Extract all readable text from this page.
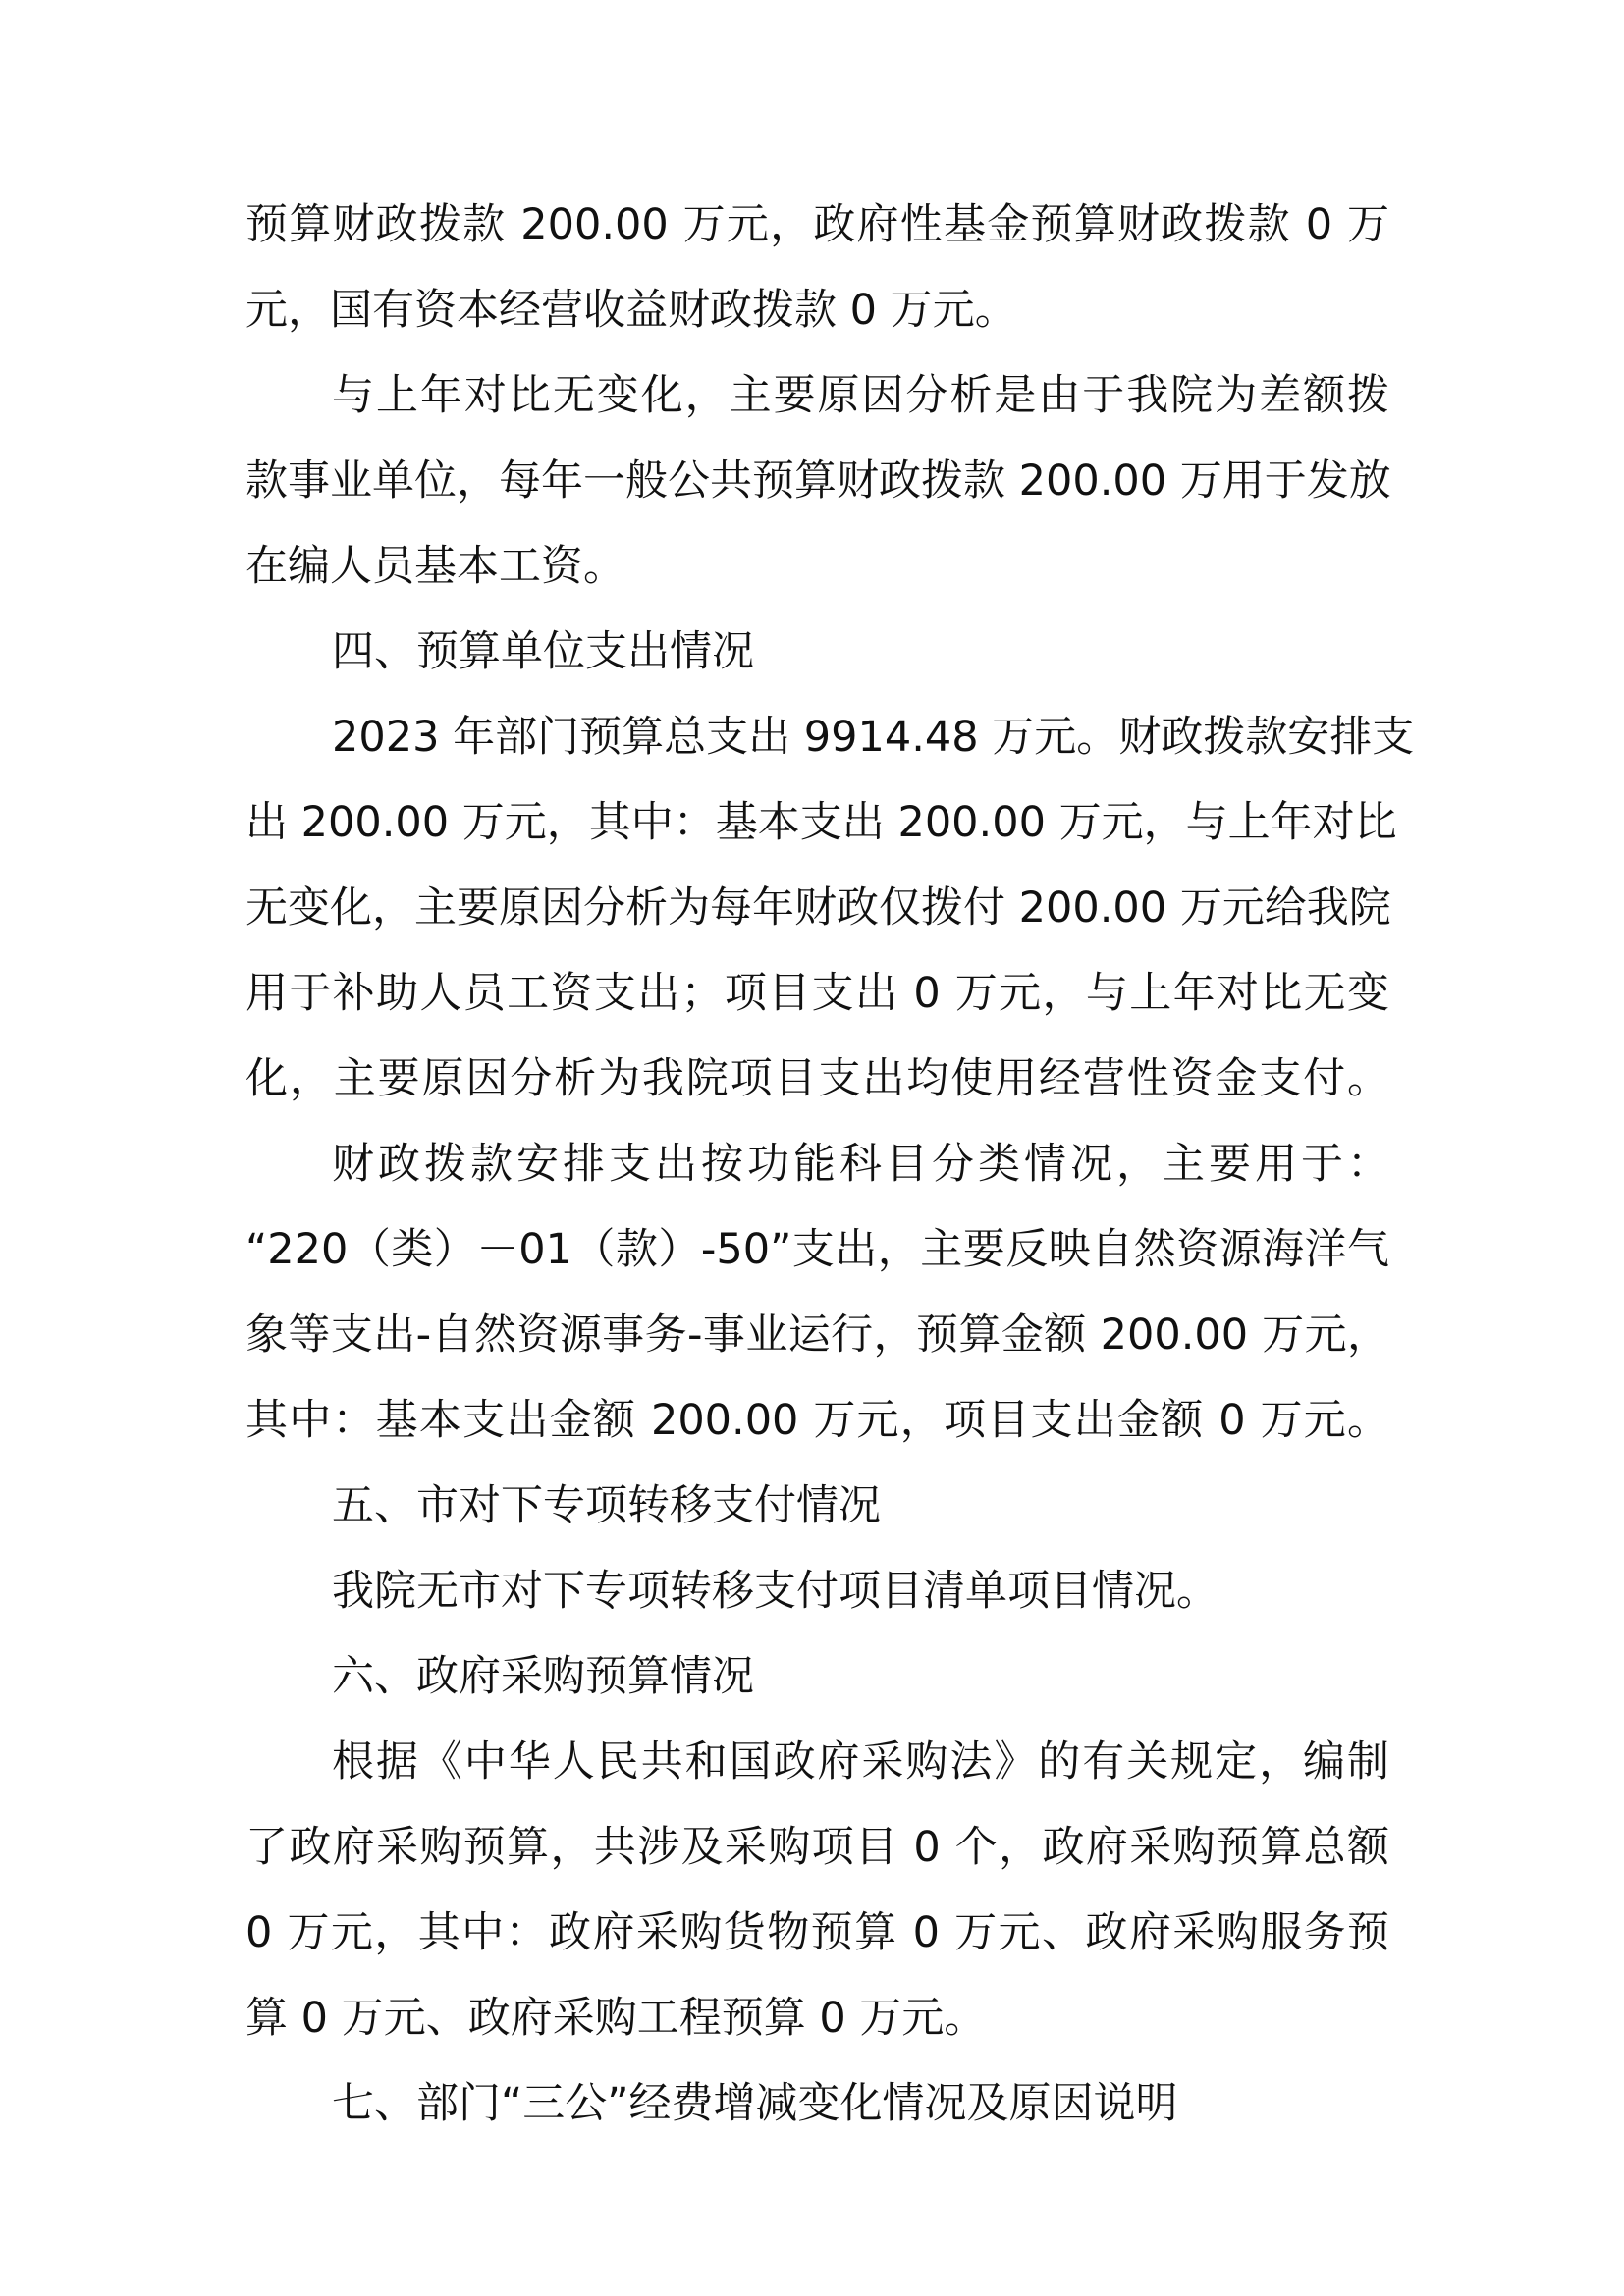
预算财政拨款 200.00 万元，政府性基金预算财政拨款 0 万
元，国有资本经营收益财政拨款 0 万元。
与上年对比无变化，主要原因分析是由于我院为差额拨
款事业单位，每年一般公共预算财政拨款 200.00 万用于发放
在编人员基本工资。
四、预算单位支出情况
2023 年部门预算总支出 9914.48 万元。财政拨款安排支
出 200.00 万元，其中：基本支出 200.00 万元，与上年对比
无变化，主要原因分析为每年财政仅拨付 200.00 万元给我院
用于补助人员工资支出；项目支出 0 万元，与上年对比无变
化，主要原因分析为我院项目支出均使用经营性资金支付。
财政拨款安排支出按功能科目分类情况，主要用于：
“220（类）－01（款）-50”支出，主要反映自然资源海洋气
象等支出-自然资源事务-事业运行，预算金额 200.00 万元，
其中：基本支出金额 200.00 万元，项目支出金额 0 万元。
五、市对下专项转移支付情况
我院无市对下专项转移支付项目清单项目情况。
六、政府采购预算情况
根据《中华人民共和国政府采购法》的有关规定，编制
了政府采购预算，共涉及采购项目 0 个，政府采购预算总额
0 万元，其中：政府采购货物预算 0 万元、政府采购服务预
算 0 万元、政府采购工程预算 0 万元。
七、部门“三公”经费增减变化情况及原因说明
